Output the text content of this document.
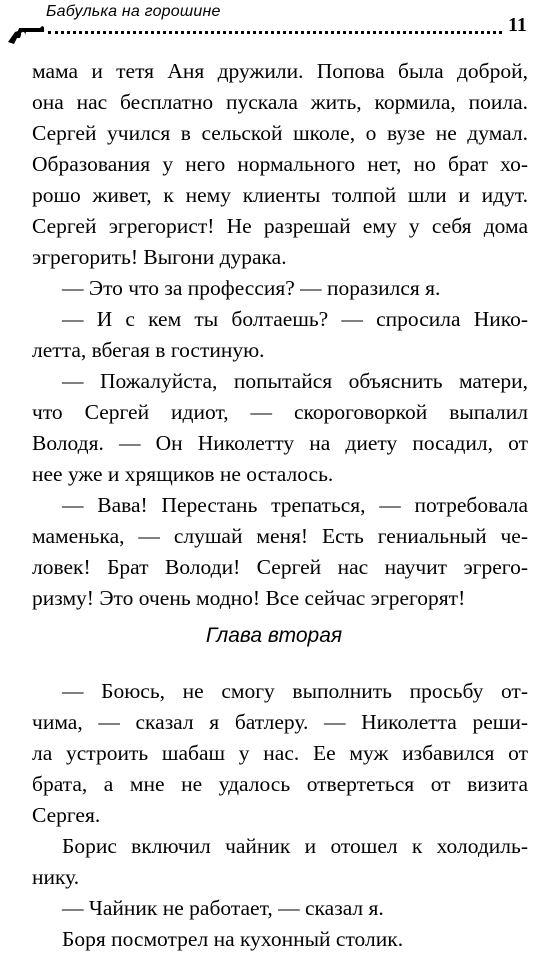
Бабулька на горошине
11
мама и тетя Аня дружили. Попова была доброй,
она нас бесплатно пускала жить, кормила, поила.
Сергей учился в сельской школе, о вузе не думал.
Образования у него нормального нет, но брат хо-
рошо живет, к нему клиенты толпой шли и идут.
Сергей эгрегорист! Не разрешай ему у себя дома
эгрегорить! Выгони дурака.
— Это что за профессия? — поразился я.
— И с кем ты болтаешь? — спросила Нико-
летта, вбегая в гостиную.
— Пожалуйста, попытайся объяснить матери,
что Сергей идиот, — скороговоркой выпалил
Володя. — Он Николетту на диету посадил, от
нее уже и хрящиков не осталось.
— Вава! Перестань трепаться, — потребовала
маменька, — слушай меня! Есть гениальный че-
ловек! Брат Володи! Сергей нас научит эгрего-
ризму! Это очень модно! Все сейчас эгрегорят!
Глава вторая
— Боюсь, не смогу выполнить просьбу от-
чима, — сказал я батлеру. — Николетта реши-
ла устроить шабаш у нас. Ее муж избавился от
брата, а мне не удалось отвертеться от визита
Сергея.
Борис включил чайник и отошел к холодиль-
нику.
— Чайник не работает, — сказал я.
Боря посмотрел на кухонный столик.
